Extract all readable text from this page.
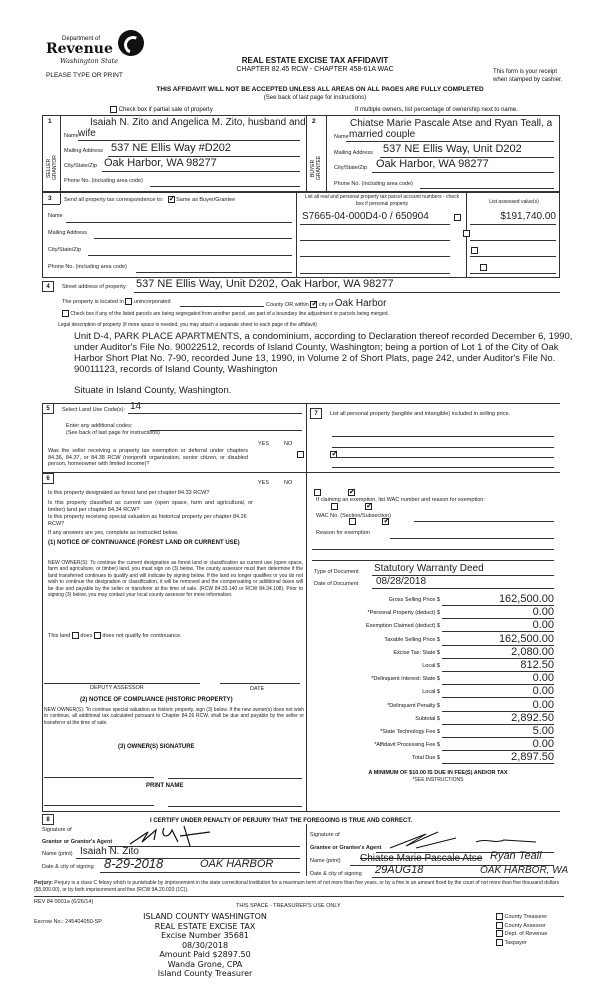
Department of
Revenue
Washington State
PLEASE TYPE OR PRINT
REAL ESTATE EXCISE TAX AFFIDAVIT
CHAPTER 82.45 RCW - CHAPTER 458-61A WAC	This form is your receipt
when stamped by cashier.
THIS AFFIDAVIT WILL NOT BE ACCEPTED UNLESS ALL AREAS ON ALL PAGES ARE FULLY COMPLETED
(See back of last page for instructions)
Check box if partial sale of property	If multiple owners, list percentage of ownership next to name.
1	2
SELLER GRANTOR	BUYER GRANTEE
Isaiah N. Zito and Angelica M. Zito, husband and
Name wife
Mailing Address 537 NE Ellis Way #D202
City/State/Zip Oak Harbor, WA 98277
Phone No. (including area code)
Chiatse Marie Pascale Atse and Ryan Teall, a
Name married couple
Mailing Address 537 NE Ellis Way, Unit D202
City/State/Zip Oak Harbor, WA 98277
Phone No. (including area code)
3 Send all property tax correspondence to: ✓ Same as Buyer/Grantee	List all real and personal property tax parcel account numbers - check box if personal property	List assessed value(s)
Name
Mailing Address
City/State/Zip
Phone No. (including area code)
S7665-04-000D4-0 / 650904
	$191,740.00

4	Street address of property: 537 NE Ellis Way, Unit D202, Oak Harbor, WA 98277
The property is located in unincorporated
County OR within ✓ city of Oak Harbor
Check box if any of the listed parcels are being segregated from another parcel, are part of a boundary line adjustment or parcels being merged.
Legal description of property (if more space is needed, you may attach a separate sheet to each page of the affidavit)
Unit D-4, PARK PLACE APARTMENTS, a condominium, according to Declaration thereof recorded December 6, 1990, under Auditor's File No. 90022512, records of Island County, Washington; being a portion of Lot 1 of the City of Oak Harbor Short Plat No. 7-90, recorded June 13, 1990, in Volume 2 of Short Plats, page 242, under Auditor's File No. 90011123, records of Island County, Washington
Situate in Island County, Washington.
5	Select Land Use Code(s): 14
Enter any additional codes:
(See back of last page for instructions)
YES	NO
Was the seller receiving a property tax exemption or deferral under chapters 84.36, 84.37, or 84.38 RCW (nonprofit organization, senior citizen, or disabled person, homeowner with limited income)?
✓
6
YES	NO
Is this property designated as forest land per chapter 84.33 RCW?
✓
Is this property classified as current use (open space, farm and agricultural, or timber) land per chapter 84.34 RCW?
✓
Is this property receiving special valuation as historical property per chapter 84.26 RCW?
✓
If any answers are yes, complete as instructed below.
(1) NOTICE OF CONTINUANCE (FOREST LAND OR CURRENT USE)
NEW OWNER(S): To continue the current designation as forest land or classification as current use (open space, farm and agriculture, or timber) land, you must sign on (3) below. The county assessor must then determine if the land transferred continues to qualify and will indicate by signing below. If the land no longer qualifies or you do not wish to continue the designation or classification, it will be removed and the compensating or additional taxes will be due and payable by the seller or transferor at the time of sale. (RCW 84.33.140 or RCW 84.34.108). Prior to signing (3) below, you may contact your local county assessor for more information.
This land does does not qualify for continuance.
DEPUTY ASSESSOR	DATE
(2) NOTICE OF COMPLIANCE (HISTORIC PROPERTY)
NEW OWNER(S): To continue special valuation as historic property, sign (3) below. If the new owner(s) does not wish to continue, all additional tax calculated pursuant to Chapter 84.26 RCW, shall be due and payable by the seller or transferor at the time of sale.
(3) OWNER(S) SIGNATURE
PRINT NAME
7	List all personal property (tangible and intangible) included in selling price.
If claiming an exemption, list WAC number and reason for exemption:
WAC No. (Section/Subsection)
Reason for exemption
Type of Document Statutory Warranty Deed
Date of Document 08/28/2018
Gross Selling Price $	162,500.00
*Personal Property (deduct) $	0.00
Exemption Claimed (deduct) $	0.00
Taxable Selling Price $	162,500.00
Excise Tax: State $	2,080.00
Local $	812.50
*Delinquent Interest: State $	0.00
Local $	0.00
*Delinquent Penalty $	0.00
Subtotal $	2,892.50
*State Technology Fee $	5.00
*Affidavit Processing Fee $	0.00
Total Due $	2,897.50
A MINIMUM OF $10.00 IS DUE IN FEE(S) AND/OR TAX
*SEE INSTRUCTIONS
8	I CERTIFY UNDER PENALTY OF PERJURY THAT THE FOREGOING IS TRUE AND CORRECT.
Signature of
Grantor or Grantor's Agent
Name (print) Isaiah N. Zito
Date & city of signing 8-29-2018	OAK HARBOR
Signature of
Grantee or Grantee's Agent
Name (print) Chiatse Marie Pascale Atse Ryan Teall
Date & city of signing 29AUG18	OAK HARBOR, WA
Perjury: Perjury is a class C felony which is punishable by imprisonment in the state correctional institution for a maximum term of not more than five years, or by a fine in an amount fixed by the court of not more than five thousand dollars ($5,000.00), or by both imprisonment and fine (RCW 9A.20.020 (1C)).
REV 84 0001a (6/26/14)
THIS SPACE - TREASURER'S USE ONLY
Escrow No.: 245404050-SP
ISLAND COUNTY WASHINGTON
REAL ESTATE EXCISE TAX
Excise Number 35681
08/30/2018
Amount Paid $2897.50
Wanda Grone, CPA
Island County Treasurer
County Treasurer
County Assessor
Dept. of Revenue
Taxpayer
